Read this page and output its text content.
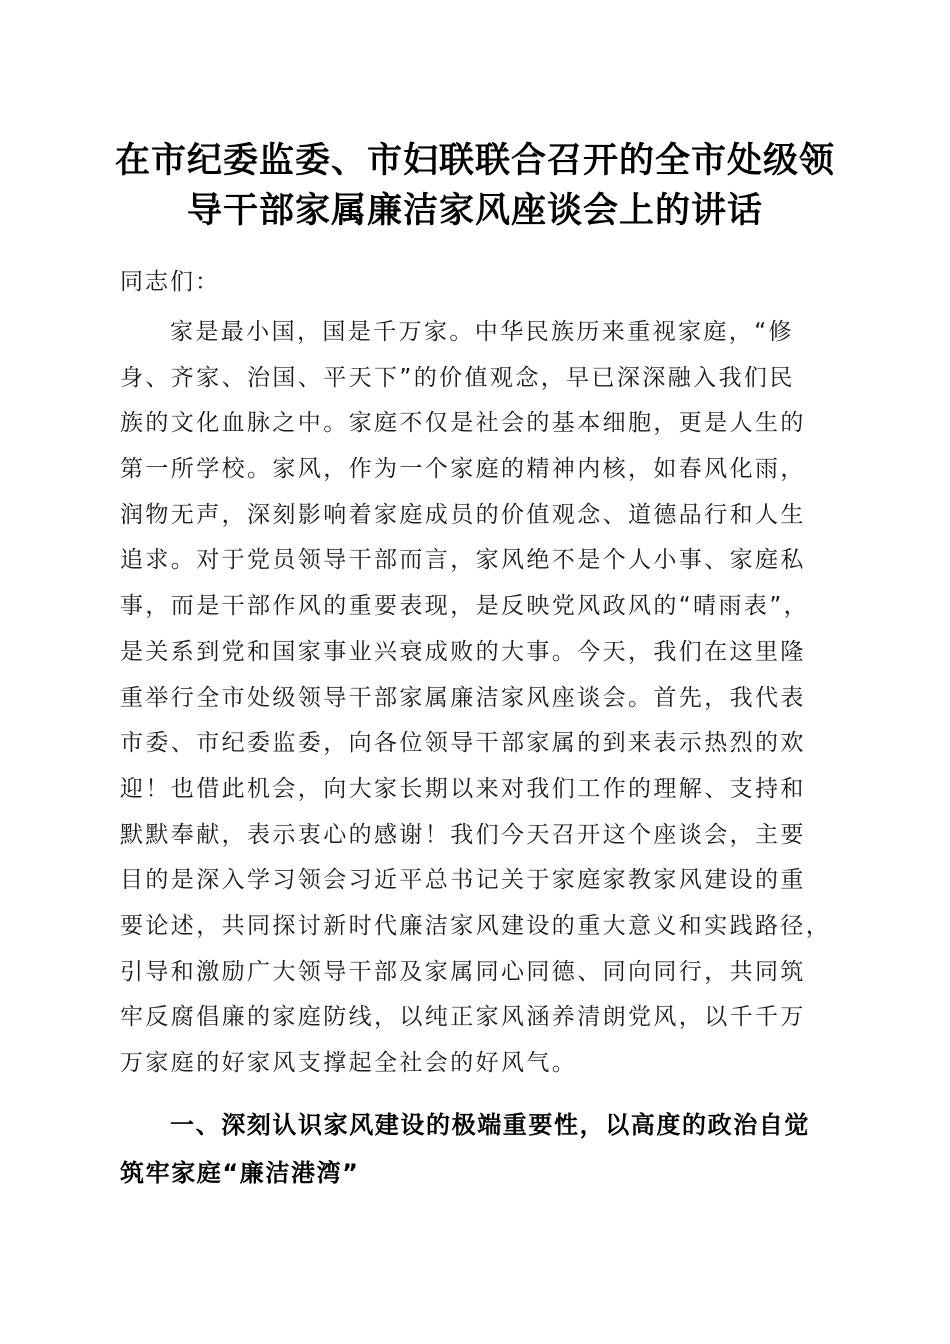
在市纪委监委、市妇联联合召开的全市处级领
导干部家属廉洁家风座谈会上的讲话
同志们：
家是最小国，国是千万家。中华民族历来重视家庭，“修
身、齐家、治国、平天下”的价值观念，早已深深融入我们民
族的文化血脉之中。家庭不仅是社会的基本细胞，更是人生的
第一所学校。家风，作为一个家庭的精神内核，如春风化雨，
润物无声，深刻影响着家庭成员的价值观念、道德品行和人生
追求。对于党员领导干部而言，家风绝不是个人小事、家庭私
事，而是干部作风的重要表现，是反映党风政风的“晴雨表”，
是关系到党和国家事业兴衰成败的大事。今天，我们在这里隆
重举行全市处级领导干部家属廉洁家风座谈会。首先，我代表
市委、市纪委监委，向各位领导干部家属的到来表示热烈的欢
迎！也借此机会，向大家长期以来对我们工作的理解、支持和
默默奉献，表示衷心的感谢！我们今天召开这个座谈会，主要
目的是深入学习领会习近平总书记关于家庭家教家风建设的重
要论述，共同探讨新时代廉洁家风建设的重大意义和实践路径，
引导和激励广大领导干部及家属同心同德、同向同行，共同筑
牢反腐倡廉的家庭防线，以纯正家风涵养清朗党风，以千千万
万家庭的好家风支撑起全社会的好风气。
一、深刻认识家风建设的极端重要性，以高度的政治自觉
筑牢家庭“廉洁港湾”
